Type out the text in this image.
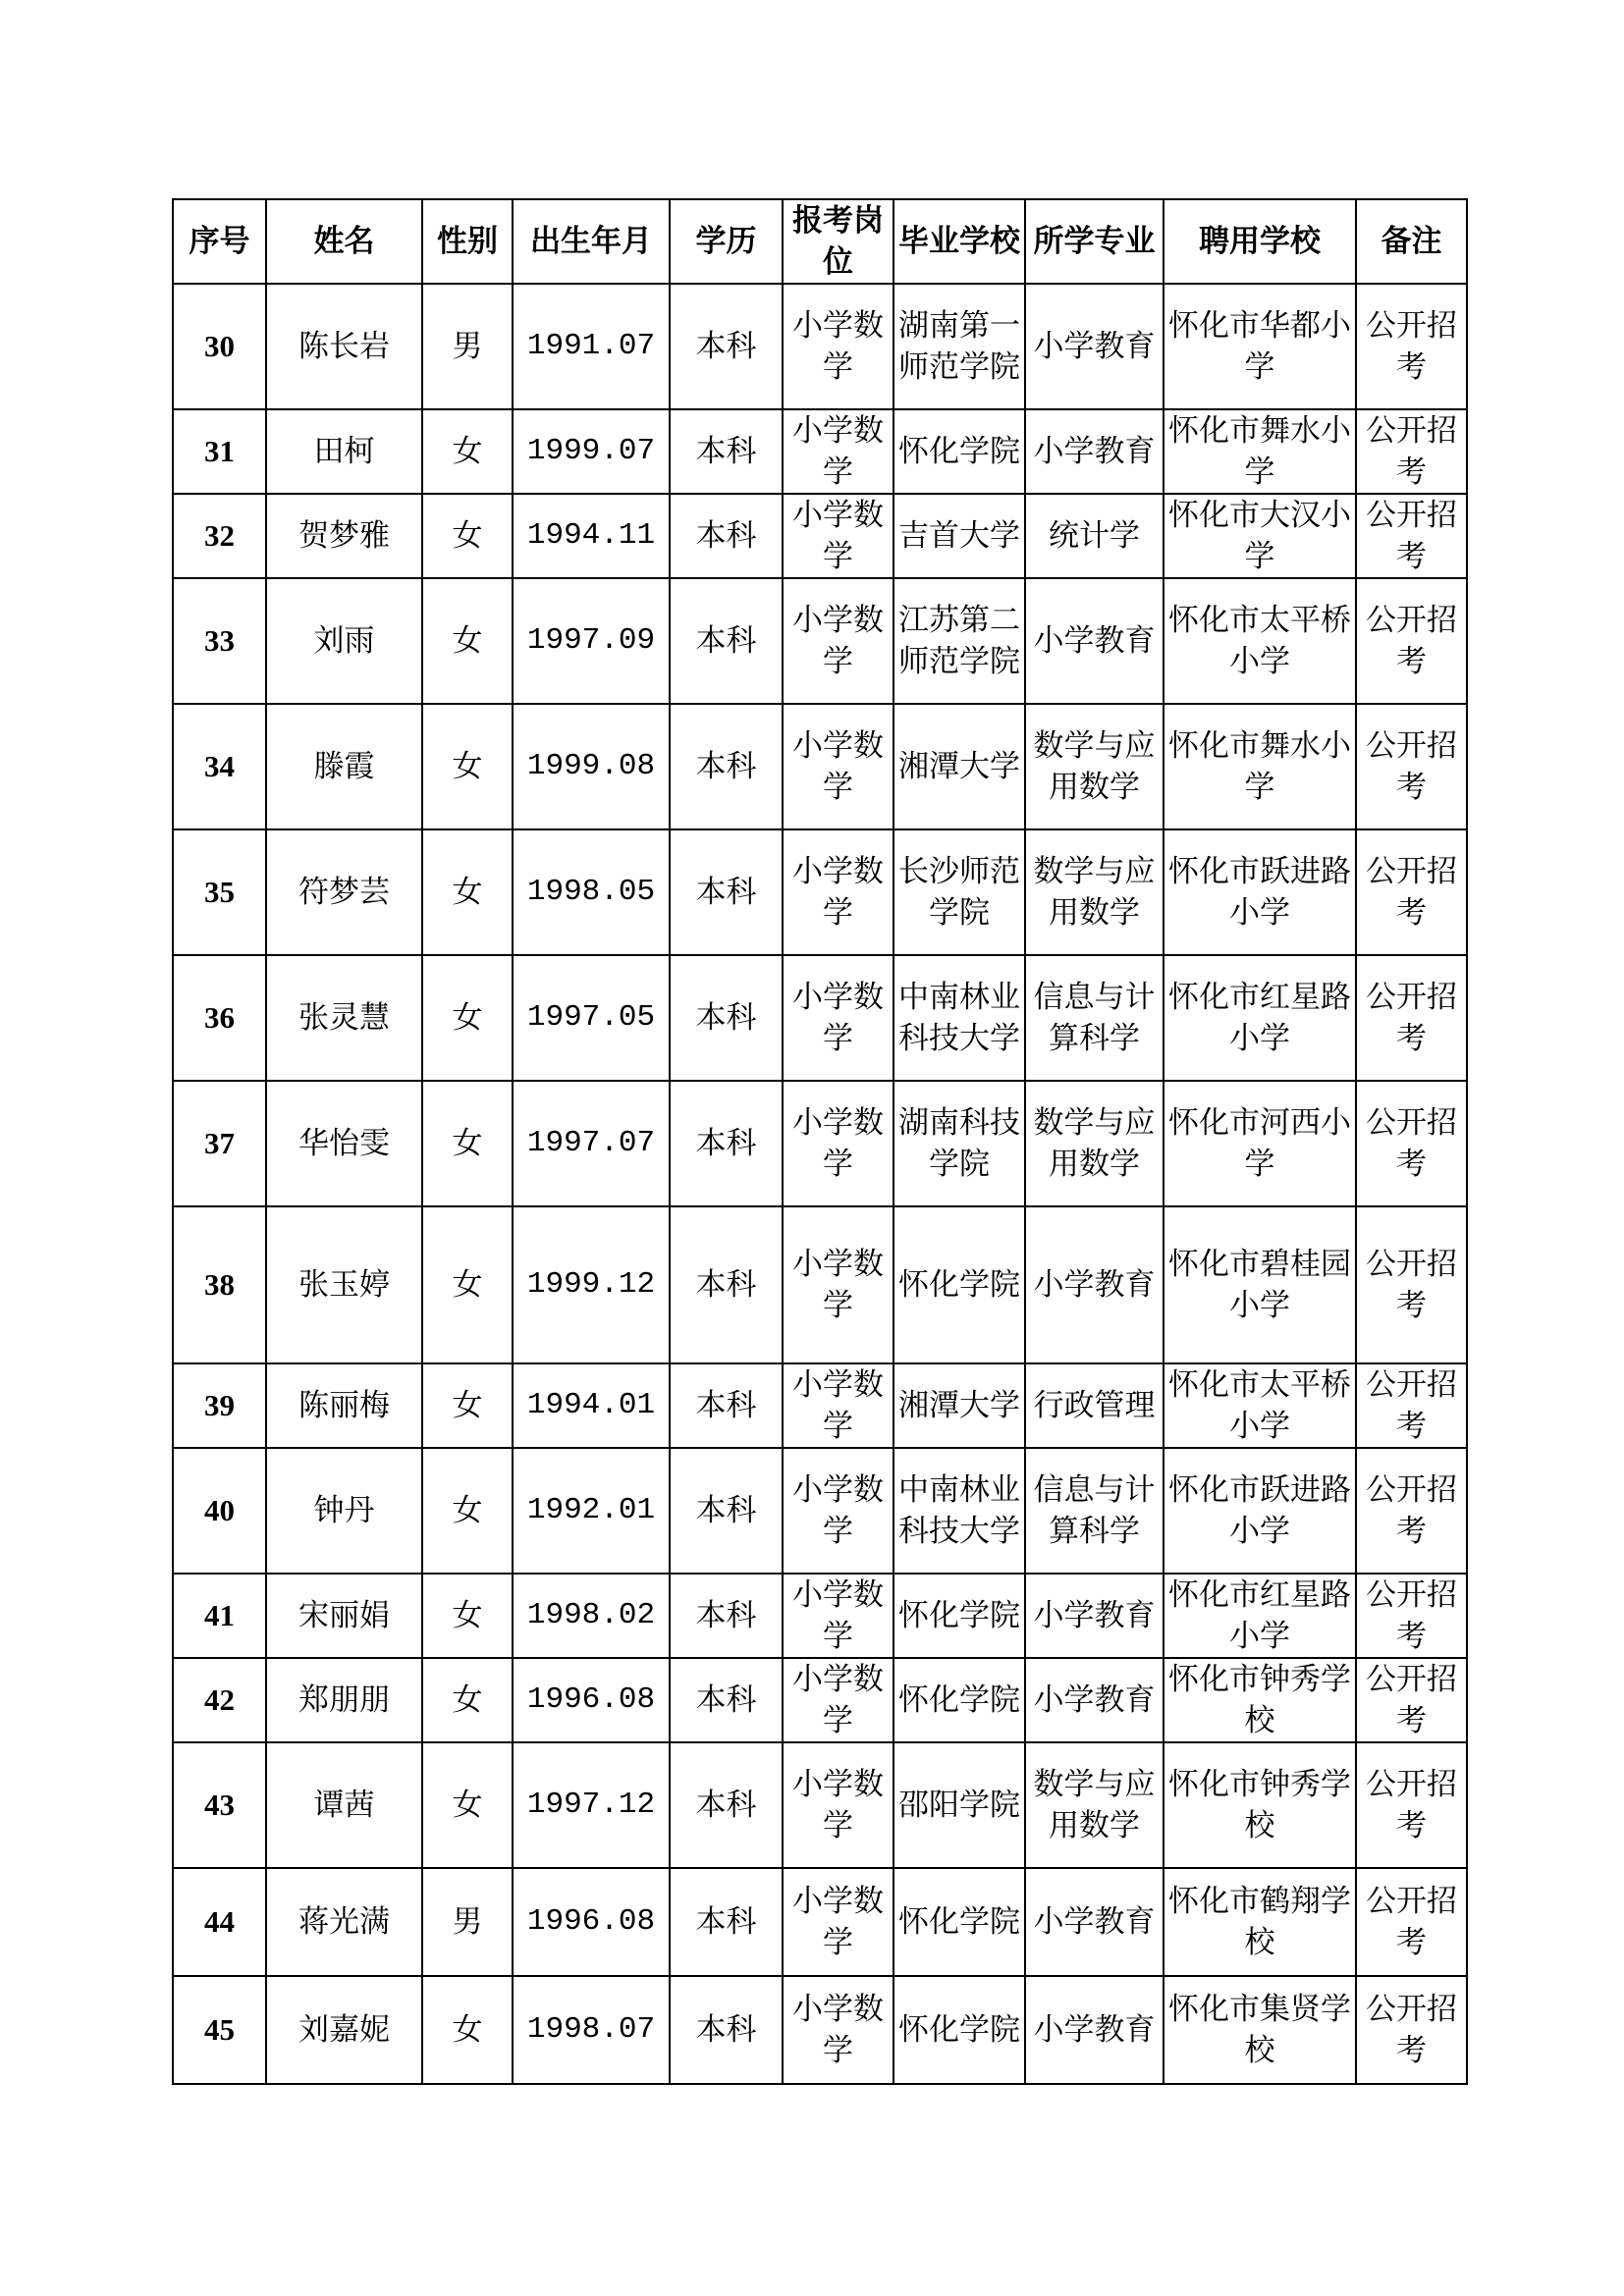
序号	姓名	性别	出生年月	学历	报考岗位	毕业学校	所学专业	聘用学校	备注
30	陈长岩	男	1991.07	本科	小学数学	湖南第一师范学院	小学教育	怀化市华都小学	公开招考
31	田柯	女	1999.07	本科	小学数学	怀化学院	小学教育	怀化市舞水小学	公开招考
32	贺梦雅	女	1994.11	本科	小学数学	吉首大学	统计学	怀化市大汉小学	公开招考
33	刘雨	女	1997.09	本科	小学数学	江苏第二师范学院	小学教育	怀化市太平桥小学	公开招考
34	滕霞	女	1999.08	本科	小学数学	湘潭大学	数学与应用数学	怀化市舞水小学	公开招考
35	符梦芸	女	1998.05	本科	小学数学	长沙师范学院	数学与应用数学	怀化市跃进路小学	公开招考
36	张灵慧	女	1997.05	本科	小学数学	中南林业科技大学	信息与计算科学	怀化市红星路小学	公开招考
37	华怡雯	女	1997.07	本科	小学数学	湖南科技学院	数学与应用数学	怀化市河西小学	公开招考
38	张玉婷	女	1999.12	本科	小学数学	怀化学院	小学教育	怀化市碧桂园小学	公开招考
39	陈丽梅	女	1994.01	本科	小学数学	湘潭大学	行政管理	怀化市太平桥小学	公开招考
40	钟丹	女	1992.01	本科	小学数学	中南林业科技大学	信息与计算科学	怀化市跃进路小学	公开招考
41	宋丽娟	女	1998.02	本科	小学数学	怀化学院	小学教育	怀化市红星路小学	公开招考
42	郑朋朋	女	1996.08	本科	小学数学	怀化学院	小学教育	怀化市钟秀学校	公开招考
43	谭茜	女	1997.12	本科	小学数学	邵阳学院	数学与应用数学	怀化市钟秀学校	公开招考
44	蒋光满	男	1996.08	本科	小学数学	怀化学院	小学教育	怀化市鹤翔学校	公开招考
45	刘嘉妮	女	1998.07	本科	小学数学	怀化学院	小学教育	怀化市集贤学校	公开招考
